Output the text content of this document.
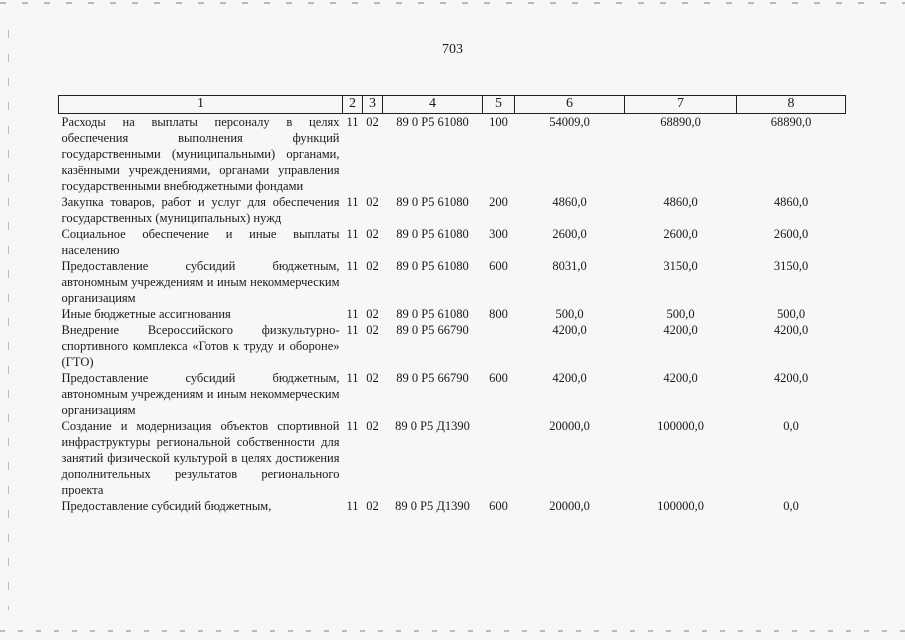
703
1	2	3	4	5	6	7	8
Расходы на выплаты персоналу в целях обеспечения выполнения функций государственными (муниципальными) органами, казёнными учреждениями, органами управления государственными внебюджетными фондами	11	02	89 0 P5 61080	100	54009,0	68890,0	68890,0
Закупка товаров, работ и услуг для обеспечения государственных (муниципальных) нужд	11	02	89 0 P5 61080	200	4860,0	4860,0	4860,0
Социальное обеспечение и иные выплаты населению	11	02	89 0 P5 61080	300	2600,0	2600,0	2600,0
Предоставление субсидий бюджетным, автономным учреждениям и иным некоммерческим организациям	11	02	89 0 P5 61080	600	8031,0	3150,0	3150,0
Иные бюджетные ассигнования	11	02	89 0 P5 61080	800	500,0	500,0	500,0
Внедрение Всероссийского физкультурно-спортивного комплекса «Готов к труду и обороне» (ГТО)	11	02	89 0 P5 66790		4200,0	4200,0	4200,0
Предоставление субсидий бюджетным, автономным учреждениям и иным некоммерческим организациям	11	02	89 0 P5 66790	600	4200,0	4200,0	4200,0
Создание и модернизация объектов спортивной инфраструктуры региональной собственности для занятий физической культурой в целях достижения дополнительных результатов регионального проекта	11	02	89 0 P5 Д1390		20000,0	100000,0	0,0
Предоставление субсидий бюджетным,	11	02	89 0 P5 Д1390	600	20000,0	100000,0	0,0
